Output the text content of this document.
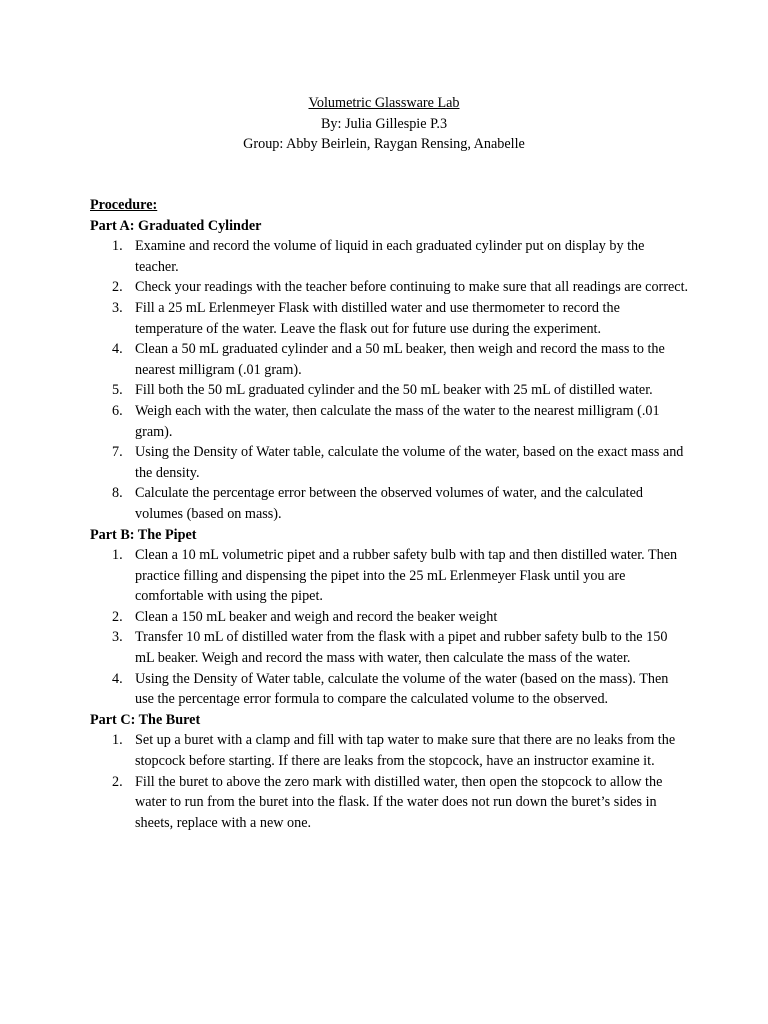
Volumetric Glassware Lab
By: Julia Gillespie P.3
Group: Abby Beirlein, Raygan Rensing, Anabelle
Procedure:
Part A: Graduated Cylinder
1. Examine and record the volume of liquid in each graduated cylinder put on display by the teacher.
2. Check your readings with the teacher before continuing to make sure that all readings are correct.
3. Fill a 25 mL Erlenmeyer Flask with distilled water and use thermometer to record the temperature of the water. Leave the flask out for future use during the experiment.
4. Clean a 50 mL graduated cylinder and a 50 mL beaker, then weigh and record the mass to the nearest milligram (.01 gram).
5. Fill both the 50 mL graduated cylinder and the 50 mL beaker with 25 mL of distilled water.
6. Weigh each with the water, then calculate the mass of the water to the nearest milligram (.01 gram).
7. Using the Density of Water table, calculate the volume of the water, based on the exact mass and the density.
8. Calculate the percentage error between the observed volumes of water, and the calculated volumes (based on mass).
Part B: The Pipet
1. Clean a 10 mL volumetric pipet and a rubber safety bulb with tap and then distilled water. Then practice filling and dispensing the pipet into the 25 mL Erlenmeyer Flask until you are comfortable with using the pipet.
2. Clean a 150 mL beaker and weigh and record the beaker weight
3. Transfer 10 mL of distilled water from the flask with a pipet and rubber safety bulb to the 150 mL beaker. Weigh and record the mass with water, then calculate the mass of the water.
4. Using the Density of Water table, calculate the volume of the water (based on the mass). Then use the percentage error formula to compare the calculated volume to the observed.
Part C: The Buret
1. Set up a buret with a clamp and fill with tap water to make sure that there are no leaks from the stopcock before starting. If there are leaks from the stopcock, have an instructor examine it.
2. Fill the buret to above the zero mark with distilled water, then open the stopcock to allow the water to run from the buret into the flask. If the water does not run down the buret’s sides in sheets, replace with a new one.
